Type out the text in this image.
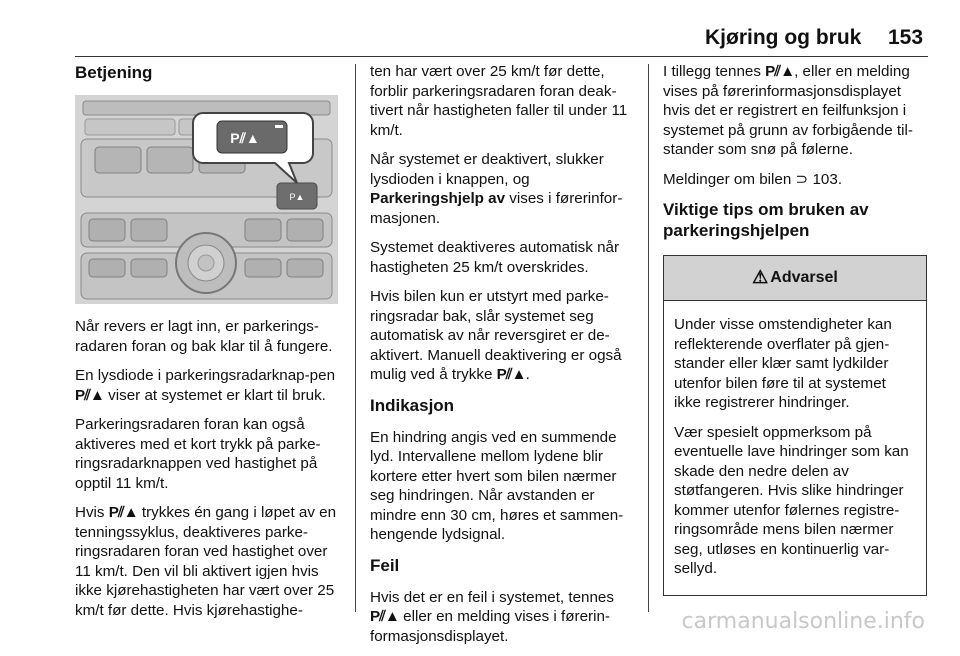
Kjøring og bruk 153
Betjening
P▲
P⫽▲

Når revers er lagt inn, er parkerings-radaren foran og bak klar til å fungere.

En lysdiode i parkeringsradarknap-pen P⫽▲ viser at systemet er klart til bruk.

Parkeringsradaren foran kan også aktiveres med et kort trykk på parke-ringsradarknappen ved hastighet på opptil 11 km/t.

Hvis P⫽▲ trykkes én gang i løpet av en tenningssyklus, deaktiveres parke-ringsradaren foran ved hastighet over 11 km/t. Den vil bli aktivert igjen hvis ikke kjørehastigheten har vært over 25 km/t før dette. Hvis kjørehastighe-

ten har vært over 25 km/t før dette, forblir parkeringsradaren foran deak-tivert når hastigheten faller til under 11 km/t.

Når systemet er deaktivert, slukker lysdioden i knappen, og Parkeringshjelp av vises i førerinfor-masjonen.

Systemet deaktiveres automatisk når hastigheten 25 km/t overskrides.

Hvis bilen kun er utstyrt med parke-ringsradar bak, slår systemet seg automatisk av når reversgiret er de-aktivert. Manuell deaktivering er også mulig ved å trykke P⫽▲.

Indikasjon

En hindring angis ved en summende lyd. Intervallene mellom lydene blir kortere etter hvert som bilen nærmer seg hindringen. Når avstanden er mindre enn 30 cm, høres et sammen-hengende lydsignal.

Feil

Hvis det er en feil i systemet, tennes P⫽▲ eller en melding vises i førerin-formasjonsdisplayet.

I tillegg tennes P⫽▲, eller en melding vises på førerinformasjonsdisplayet hvis det er registrert en feilfunksjon i systemet på grunn av forbigående til-stander som snø på følerne.

Meldinger om bilen ⊃ 103.

Viktige tips om bruken av parkeringshjelpen
⚠ Advarsel

Under visse omstendigheter kan reflekterende overflater på gjen-stander eller klær samt lydkilder utenfor bilen føre til at systemet ikke registrerer hindringer.

Vær spesielt oppmerksom på eventuelle lave hindringer som kan skade den nedre delen av støtfangeren. Hvis slike hindringer kommer utenfor følernes registre-ringsområde mens bilen nærmer seg, utløses en kontinuerlig var-sellyd.

carmanualsonline.info
